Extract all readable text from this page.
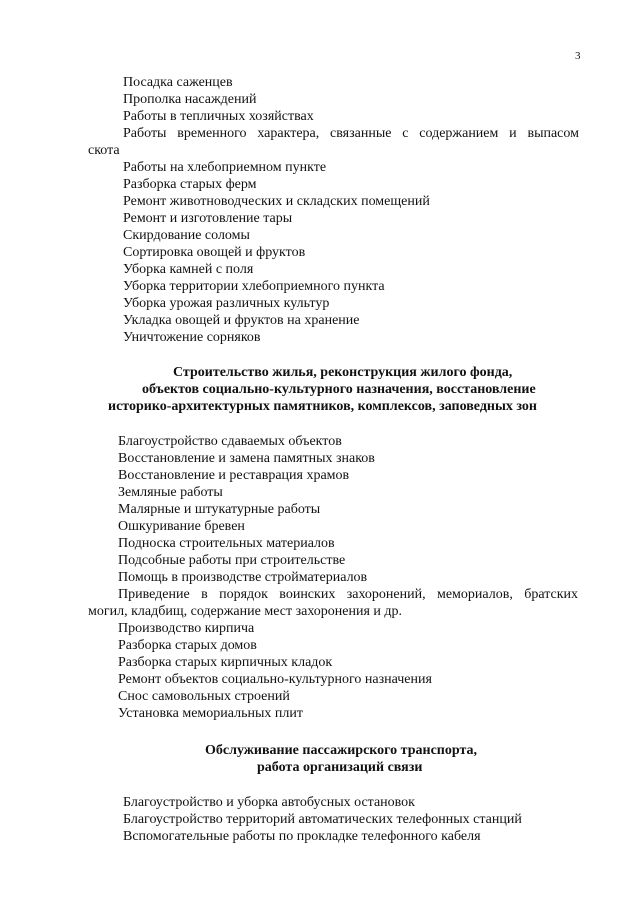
3
Посадка саженцев
Прополка насаждений
Работы в тепличных хозяйствах
Работы временного характера, связанные с содержанием и выпасом
скота
Работы на хлебоприемном пункте
Разборка старых ферм
Ремонт животноводческих и складских помещений
Ремонт и изготовление тары
Скирдование соломы
Сортировка овощей и фруктов
Уборка камней с поля
Уборка территории хлебоприемного пункта
Уборка урожая различных культур
Укладка овощей и фруктов на хранение
Уничтожение сорняков
Строительство жилья, реконструкция жилого фонда,
объектов социально-культурного назначения, восстановление
историко-архитектурных памятников, комплексов, заповедных зон
Благоустройство сдаваемых объектов
Восстановление и замена памятных знаков
Восстановление и реставрация храмов
Земляные работы
Малярные и штукатурные работы
Ошкуривание бревен
Подноска строительных материалов
Подсобные работы при строительстве
Помощь в производстве стройматериалов
Приведение в порядок воинских захоронений, мемориалов, братских
могил, кладбищ, содержание мест захоронения и др.
Производство кирпича
Разборка старых домов
Разборка старых кирпичных кладок
Ремонт объектов социально-культурного назначения
Снос самовольных строений
Установка мемориальных плит
Обслуживание пассажирского транспорта,
работа организаций связи
Благоустройство и уборка автобусных остановок
Благоустройство территорий автоматических телефонных станций
Вспомогательные работы по прокладке телефонного кабеля
